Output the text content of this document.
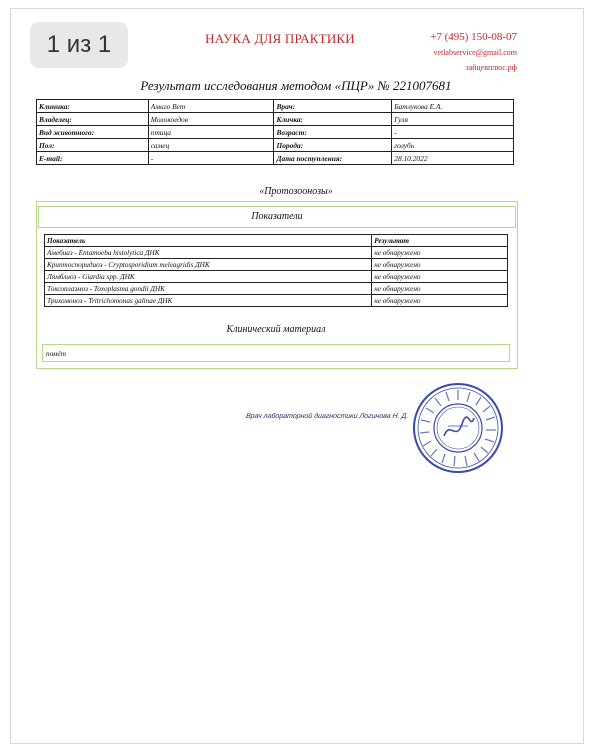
1 из 1	НАУКА ДЛЯ ПРАКТИКИ	+7 (495) 150-08-07
vetlabservice@gmail.com
зайцевплюс.рф
Результат исследования методом «ПЦР» № 221007681
Клиника:	Амиго Вет	Врач:	Батлукова Е.А.
Владелец:	Молокоедов	Кличка:	Гуля
Вид животного:	птица	Возраст:	-
Пол:	самец	Порода:	голубь
E-mail:	-	Дата поступления:	28.10.2022
«Протозоонозы»
Показатели
Показатель	Результат
Амебиаз - Entamoeba histolytica ДНК	не обнаружено
Криптоспоридиоз - Cryptosporidium meleagridis ДНК	не обнаружено
Лямблиоз - Giardia spp. ДНК	не обнаружено
Токсоплазмоз - Toxoplasma gondii ДНК	не обнаружено
Трихомоноз - Tritrichomonas galinae ДНК	не обнаружено
Клинический материал
помёт
Врач лабораторной диагностики Логинова Н. Д.
